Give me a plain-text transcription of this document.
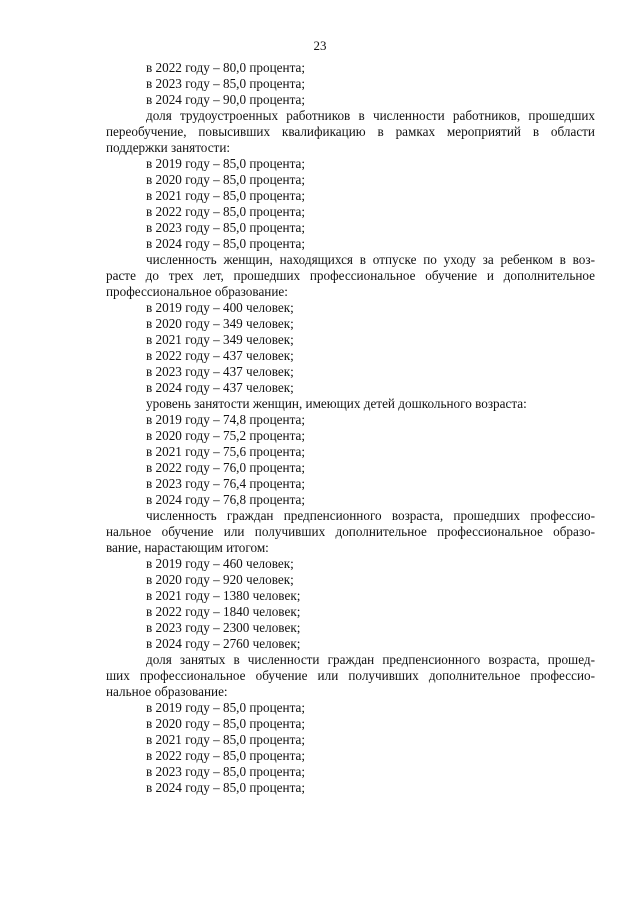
23
в 2022 году – 80,0 процента;
в 2023 году – 85,0 процента;
в 2024 году – 90,0 процента;
доля трудоустроенных работников в численности работников, прошедших
переобучение, повысивших квалификацию в рамках мероприятий в области
поддержки занятости:
в 2019 году – 85,0 процента;
в 2020 году – 85,0 процента;
в 2021 году – 85,0 процента;
в 2022 году – 85,0 процента;
в 2023 году – 85,0 процента;
в 2024 году – 85,0 процента;
численность женщин, находящихся в отпуске по уходу за ребенком в воз-
расте до трех лет, прошедших профессиональное обучение и дополнительное
профессиональное образование:
в 2019 году – 400 человек;
в 2020 году – 349 человек;
в 2021 году – 349 человек;
в 2022 году – 437 человек;
в 2023 году – 437 человек;
в 2024 году – 437 человек;
уровень занятости женщин, имеющих детей дошкольного возраста:
в 2019 году – 74,8 процента;
в 2020 году – 75,2 процента;
в 2021 году – 75,6 процента;
в 2022 году – 76,0 процента;
в 2023 году – 76,4 процента;
в 2024 году – 76,8 процента;
численность граждан предпенсионного возраста, прошедших профессио-
нальное обучение или получивших дополнительное профессиональное образо-
вание, нарастающим итогом:
в 2019 году – 460 человек;
в 2020 году – 920 человек;
в 2021 году – 1380 человек;
в 2022 году – 1840 человек;
в 2023 году – 2300 человек;
в 2024 году – 2760 человек;
доля занятых в численности граждан предпенсионного возраста, прошед-
ших профессиональное обучение или получивших дополнительное профессио-
нальное образование:
в 2019 году – 85,0 процента;
в 2020 году – 85,0 процента;
в 2021 году – 85,0 процента;
в 2022 году – 85,0 процента;
в 2023 году – 85,0 процента;
в 2024 году – 85,0 процента;
